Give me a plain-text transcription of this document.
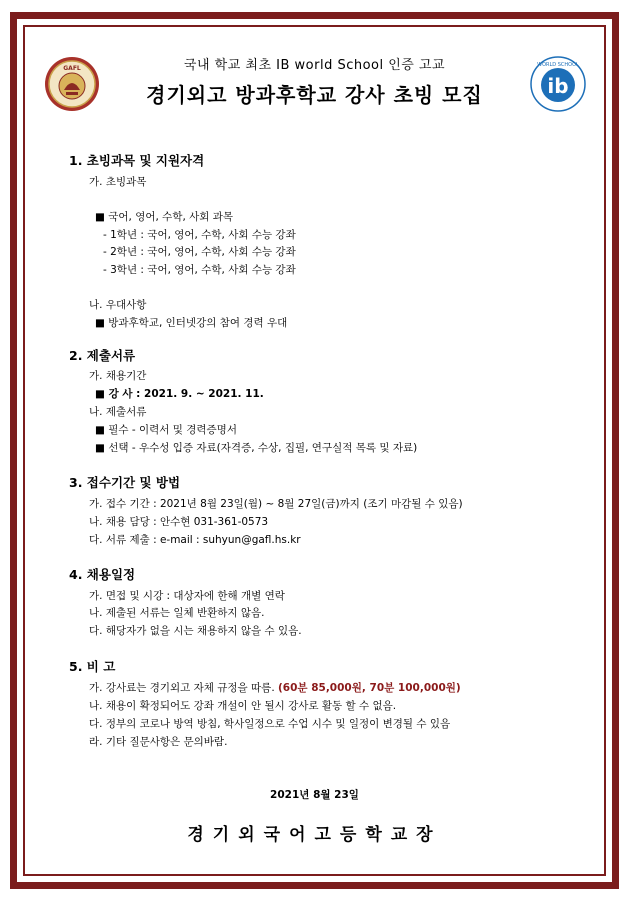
GAFL
ib
WORLD SCHOOL
국내 학교 최초 IB world School 인증 고교
경기외고 방과후학교 강사 초빙 모집
1. 초빙과목 및 지원자격
가. 초빙과목
■ 국어, 영어, 수학, 사회 과목
- 1학년 : 국어, 영어, 수학, 사회 수능 강좌
- 2학년 : 국어, 영어, 수학, 사회 수능 강좌
- 3학년 : 국어, 영어, 수학, 사회 수능 강좌
나. 우대사항
■ 방과후학교, 인터넷강의 참여 경력 우대
2. 제출서류
가. 채용기간
■ 강 사 : 2021. 9. ~ 2021. 11.
나. 제출서류
■ 필수 - 이력서 및 경력증명서
■ 선택 - 우수성 입증 자료(자격증, 수상, 집필, 연구실적 목록 및 자료)
3. 접수기간 및 방법
가. 접수 기간 : 2021년 8월 23일(월) ~ 8월 27일(금)까지 (조기 마감될 수 있음)
나. 채용 담당 : 안수현 031-361-0573
다. 서류 제출 : e-mail : suhyun@gafl.hs.kr
4. 채용일정
가. 면접 및 시강 : 대상자에 한해 개별 연락
나. 제출된 서류는 일체 반환하지 않음.
다. 해당자가 없을 시는 채용하지 않을 수 있음.
5. 비 고
가. 강사료는 경기외고 자체 규정을 따름. (60분 85,000원, 70분 100,000원)
나. 채용이 확정되어도 강좌 개설이 안 될시 강사로 활동 할 수 없음.
다. 정부의 코로나 방역 방침, 학사일정으로 수업 시수 및 일정이 변경될 수 있음
라. 기타 질문사항은 문의바람.
2021년 8월 23일
경기외국어고등학교장
